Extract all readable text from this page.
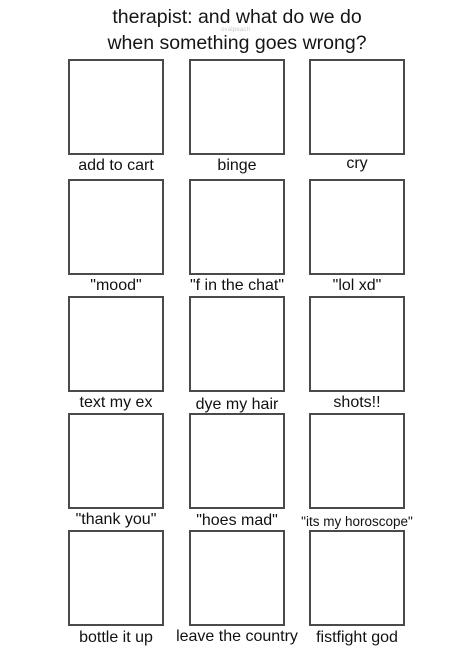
therapist: and what do we do
when something goes wrong?
ovalpeach
add to cart	binge	cry
"mood"	"f in the chat"	"lol xd"
text my ex	dye my hair	shots!!
"thank you"	"hoes mad"	"its my horoscope"
bottle it up	leave the country	fistfight god
